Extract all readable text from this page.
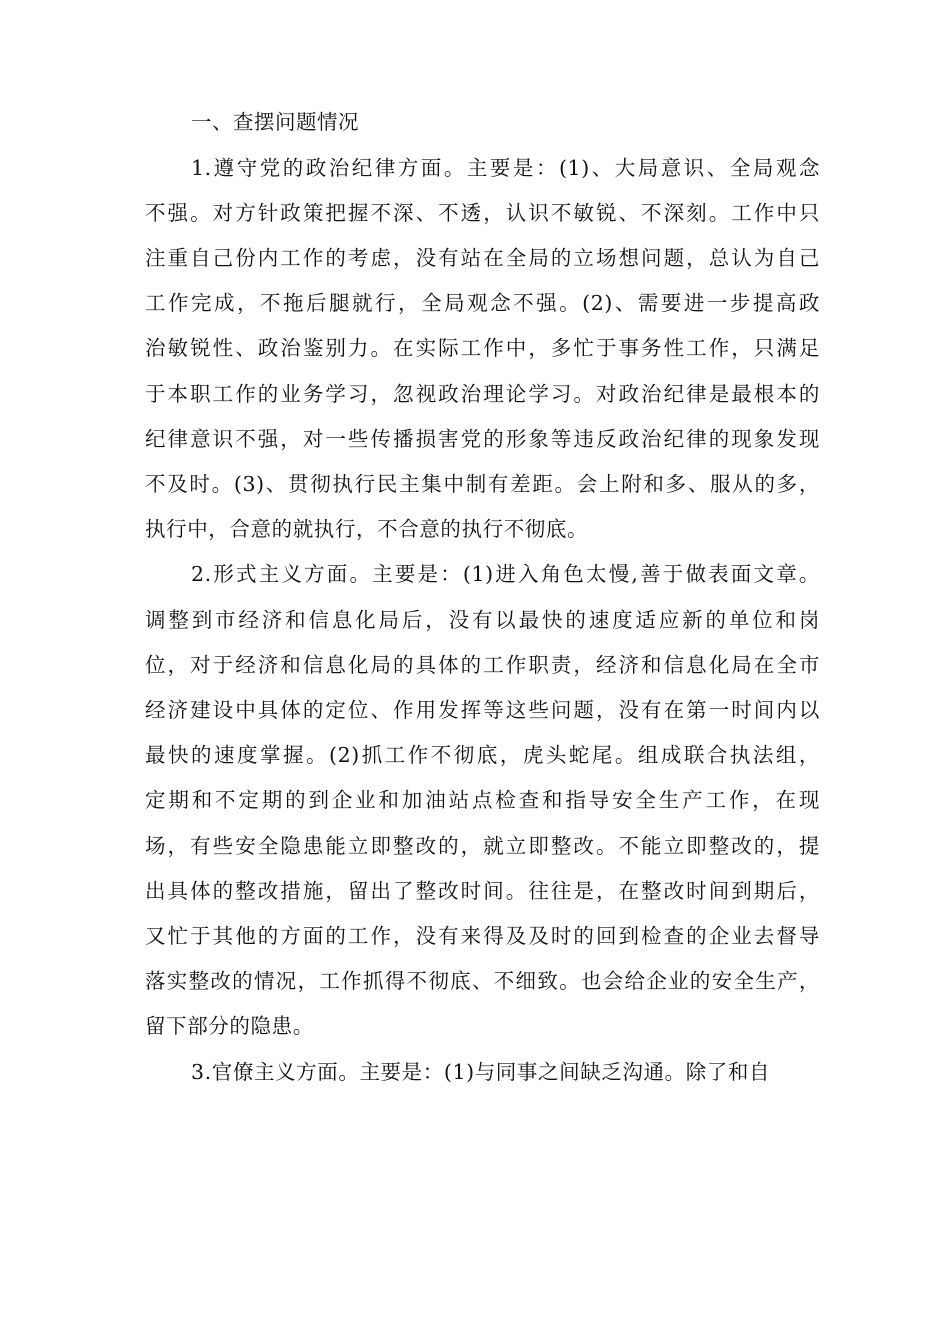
一、查摆问题情况
1.遵守党的政治纪律方面。主要是：(1)、大局意识、全局观念
不强。对方针政策把握不深、不透，认识不敏锐、不深刻。工作中只
注重自己份内工作的考虑，没有站在全局的立场想问题，总认为自己
工作完成，不拖后腿就行，全局观念不强。(2)、需要进一步提高政
治敏锐性、政治鉴别力。在实际工作中，多忙于事务性工作，只满足
于本职工作的业务学习，忽视政治理论学习。对政治纪律是最根本的
纪律意识不强，对一些传播损害党的形象等违反政治纪律的现象发现
不及时。(3)、贯彻执行民主集中制有差距。会上附和多、服从的多，
执行中，合意的就执行，不合意的执行不彻底。
2.形式主义方面。主要是：(1)进入角色太慢,善于做表面文章。
调整到市经济和信息化局后，没有以最快的速度适应新的单位和岗
位，对于经济和信息化局的具体的工作职责，经济和信息化局在全市
经济建设中具体的定位、作用发挥等这些问题，没有在第一时间内以
最快的速度掌握。(2)抓工作不彻底，虎头蛇尾。组成联合执法组，
定期和不定期的到企业和加油站点检查和指导安全生产工作，在现
场，有些安全隐患能立即整改的，就立即整改。不能立即整改的，提
出具体的整改措施，留出了整改时间。往往是，在整改时间到期后，
又忙于其他的方面的工作，没有来得及及时的回到检查的企业去督导
落实整改的情况，工作抓得不彻底、不细致。也会给企业的安全生产，
留下部分的隐患。
3.官僚主义方面。主要是：(1)与同事之间缺乏沟通。除了和自
